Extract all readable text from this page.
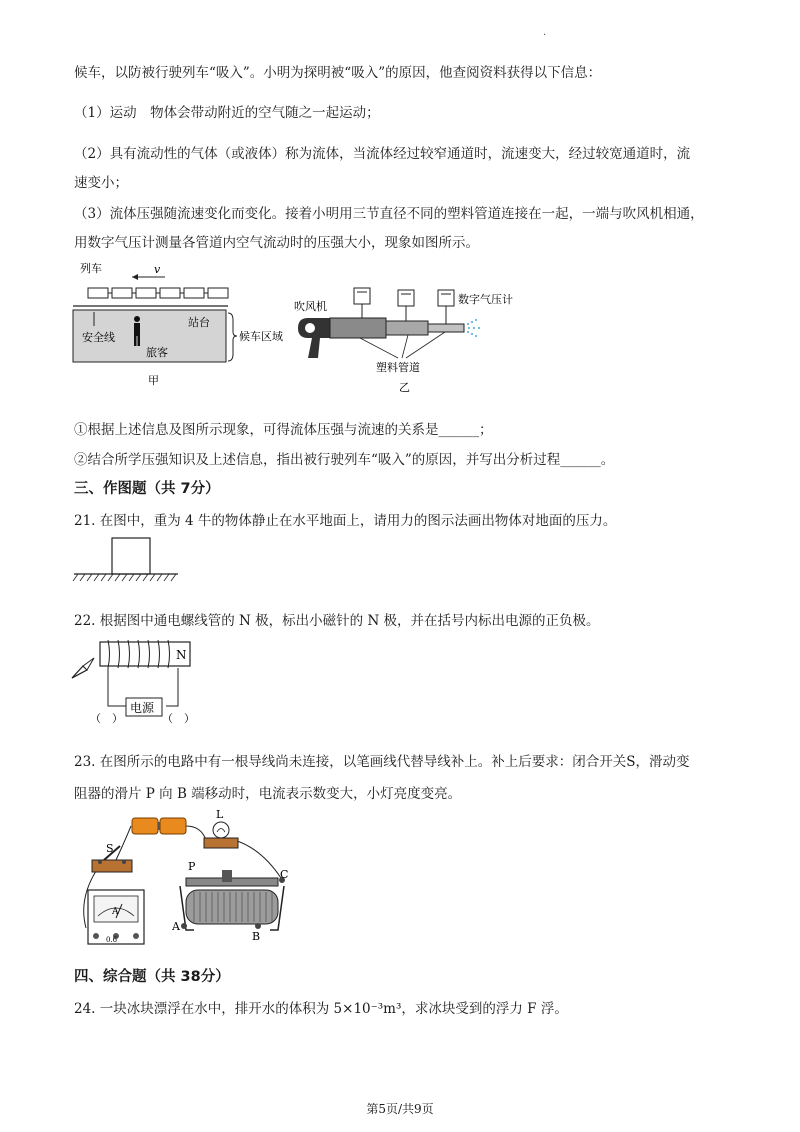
·
候车，以防被行驶列车“吸入”。小明为探明被“吸入”的原因，他查阅资料获得以下信息：
（1）运动　物体会带动附近的空气随之一起运动；
（2）具有流动性的气体（或液体）称为流体，当流体经过较窄通道时，流速变大，经过较宽通道时，流
速变小；
（3）流体压强随流速变化而变化。接着小明用三节直径不同的塑料管道连接在一起，一端与吹风机相通，
用数字气压计测量各管道内空气流动时的压强大小，现象如图所示。
列车	v
站台
安全线
旅客
候车区域
甲
吹风机
数字气压计
塑料管道
乙
①根据上述信息及图所示现象，可得流体压强与流速的关系是______；
②结合所学压强知识及上述信息，指出被行驶列车“吸入”的原因，并写出分析过程______。
三、作图题（共 7分）
21. 在图中，重为 4 牛的物体静止在水平地面上，请用力的图示法画出物体对地面的压力。
22. 根据图中通电螺线管的 N 极，标出小磁针的 N 极，并在括号内标出电源的正负极。
N
电源
（　）	（　）
23. 在图所示的电路中有一根导线尚未连接，以笔画线代替导线补上。补上后要求：闭合开关S，滑动变
阻器的滑片 P 向 B 端移动时，电流表示数变大，小灯亮度变亮。
L
S
A
0.6
P
C
A
B
四、综合题（共 38分）
24. 一块冰块漂浮在水中，排开水的体积为 5×10⁻³m³，求冰块受到的浮力 F 浮。
第5页/共9页
